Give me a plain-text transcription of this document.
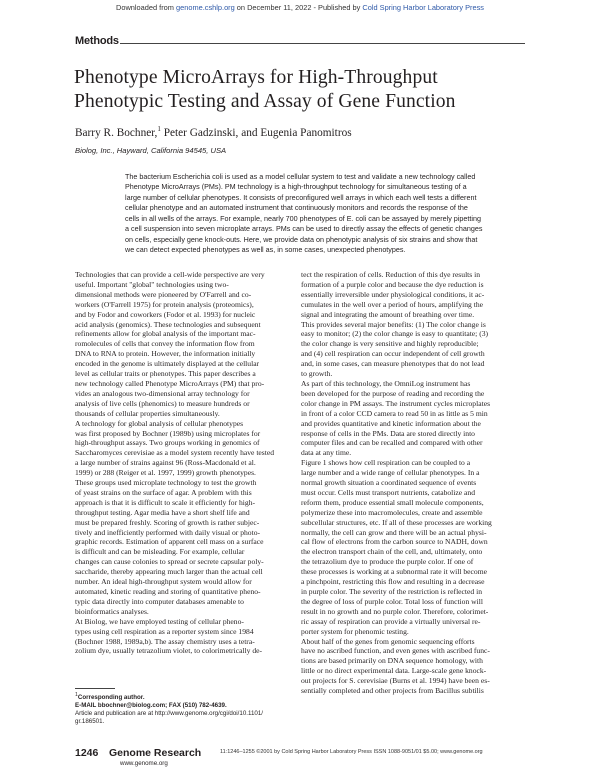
Downloaded from genome.cshlp.org on December 11, 2022 - Published by Cold Spring Harbor Laboratory Press
Methods
Phenotype MicroArrays for High-Throughput
Phenotypic Testing and Assay of Gene Function
Barry R. Bochner,$^1$ Peter Gadzinski, and Eugenia Panomitros
Biolog, Inc., Hayward, California 94545, USA
The bacterium Escherichia coli is used as a model cellular system to test and validate a new technology called
Phenotype MicroArrays (PMs). PM technology is a high-throughput technology for simultaneous testing of a
large number of cellular phenotypes. It consists of preconfigured well arrays in which each well tests a different
cellular phenotype and an automated instrument that continuously monitors and records the response of the
cells in all wells of the arrays. For example, nearly 700 phenotypes of E. coli can be assayed by merely pipetting
a cell suspension into seven microplate arrays. PMs can be used to directly assay the effects of genetic changes
on cells, especially gene knock-outs. Here, we provide data on phenotypic analysis of six strains and show that
we can detect expected phenotypes as well as, in some cases, unexpected phenotypes.
Technologies that can provide a cell-wide perspective are very
useful. Important "global" technologies using two-
dimensional methods were pioneered by O'Farrell and co-
workers (O'Farrell 1975) for protein analysis (proteomics),
and by Fodor and coworkers (Fodor et al. 1993) for nucleic
acid analysis (genomics). These technologies and subsequent
refinements allow for global analysis of the important mac-
romolecules of cells that convey the information flow from
DNA to RNA to protein. However, the information initially
encoded in the genome is ultimately displayed at the cellular
level as cellular traits or phenotypes. This paper describes a
new technology called Phenotype MicroArrays (PM) that pro-
vides an analogous two-dimensional array technology for
analysis of live cells (phenomics) to measure hundreds or
thousands of cellular properties simultaneously.
A technology for global analysis of cellular phenotypes
was first proposed by Bochner (1989b) using microplates for
high-throughput assays. Two groups working in genomics of
Saccharomyces cerevisiae as a model system recently have tested
a large number of strains against 96 (Ross-Macdonald et al.
1999) or 288 (Reiger et al. 1997, 1999) growth phenotypes.
These groups used microplate technology to test the growth
of yeast strains on the surface of agar. A problem with this
approach is that it is difficult to scale it efficiently for high-
throughput testing. Agar media have a short shelf life and
must be prepared freshly. Scoring of growth is rather subjec-
tively and inefficiently performed with daily visual or photo-
graphic records. Estimation of apparent cell mass on a surface
is difficult and can be misleading. For example, cellular
changes can cause colonies to spread or secrete capsular poly-
saccharide, thereby appearing much larger than the actual cell
number. An ideal high-throughput system would allow for
automated, kinetic reading and storing of quantitative pheno-
typic data directly into computer databases amenable to
bioinformatics analyses.
At Biolog, we have employed testing of cellular pheno-
types using cell respiration as a reporter system since 1984
(Bochner 1988, 1989a,b). The assay chemistry uses a tetra-
zolium dye, usually tetrazolium violet, to colorimetrically de-
tect the respiration of cells. Reduction of this dye results in
formation of a purple color and because the dye reduction is
essentially irreversible under physiological conditions, it ac-
cumulates in the well over a period of hours, amplifying the
signal and integrating the amount of breathing over time.
This provides several major benefits: (1) The color change is
easy to monitor; (2) the color change is easy to quantitate; (3)
the color change is very sensitive and highly reproducible;
and (4) cell respiration can occur independent of cell growth
and, in some cases, can measure phenotypes that do not lead
to growth.
As part of this technology, the OmniLog instrument has
been developed for the purpose of reading and recording the
color change in PM assays. The instrument cycles microplates
in front of a color CCD camera to read 50 in as little as 5 min
and provides quantitative and kinetic information about the
response of cells in the PMs. Data are stored directly into
computer files and can be recalled and compared with other
data at any time.
Figure 1 shows how cell respiration can be coupled to a
large number and a wide range of cellular phenotypes. In a
normal growth situation a coordinated sequence of events
must occur. Cells must transport nutrients, catabolize and
reform them, produce essential small molecule components,
polymerize these into macromolecules, create and assemble
subcellular structures, etc. If all of these processes are working
normally, the cell can grow and there will be an actual physi-
cal flow of electrons from the carbon source to NADH, down
the electron transport chain of the cell, and, ultimately, onto
the tetrazolium dye to produce the purple color. If one of
these processes is working at a subnormal rate it will become
a pinchpoint, restricting this flow and resulting in a decrease
in purple color. The severity of the restriction is reflected in
the degree of loss of purple color. Total loss of function will
result in no growth and no purple color. Therefore, colorimet-
ric assay of respiration can provide a virtually universal re-
porter system for phenomic testing.
About half of the genes from genomic sequencing efforts
have no ascribed function, and even genes with ascribed func-
tions are based primarily on DNA sequence homology, with
little or no direct experimental data. Large-scale gene knock-
out projects for S. cerevisiae (Burns et al. 1994) have been es-
sentially completed and other projects from Bacillus subtilis
$^1$Corresponding author.
E-MAIL bbochner@biolog.com; FAX (510) 782-4639.
Article and publication are at http://www.genome.org/cgi/doi/10.1101/
gr.186501.
1246 Genome Research
www.genome.org
11:1246–1255 ©2001 by Cold Spring Harbor Laboratory Press ISSN 1088-9051/01 $5.00; www.genome.org
